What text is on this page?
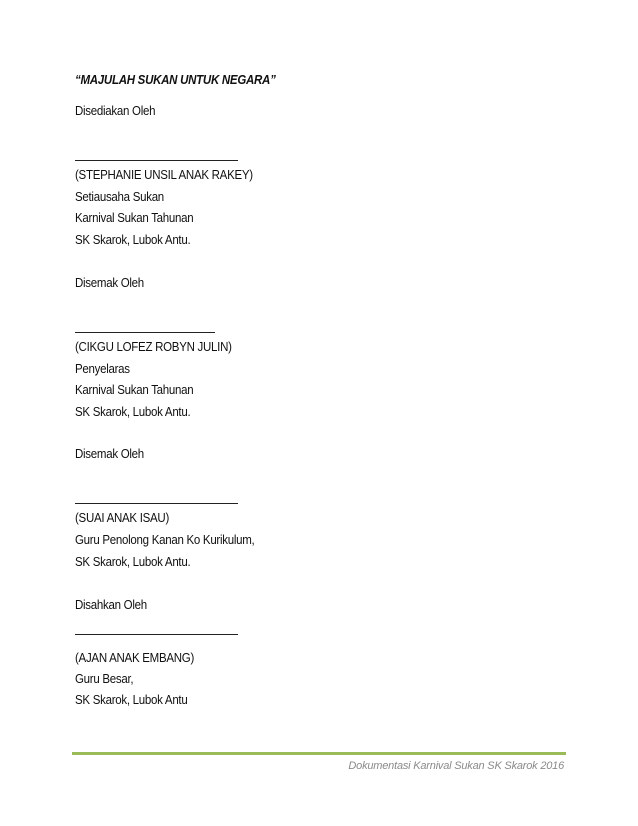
“MAJULAH SUKAN UNTUK NEGARA”
Disediakan Oleh
(STEPHANIE UNSIL ANAK RAKEY)
Setiausaha Sukan
Karnival Sukan Tahunan
SK Skarok, Lubok Antu.
Disemak Oleh
(CIKGU LOFEZ ROBYN JULIN)
Penyelaras
Karnival Sukan Tahunan
SK Skarok, Lubok Antu.
Disemak Oleh
(SUAI ANAK ISAU)
Guru Penolong Kanan Ko Kurikulum,
SK Skarok, Lubok Antu.
Disahkan Oleh
(AJAN ANAK EMBANG)
Guru Besar,
SK Skarok, Lubok Antu
Dokumentasi Karnival Sukan SK Skarok 2016
